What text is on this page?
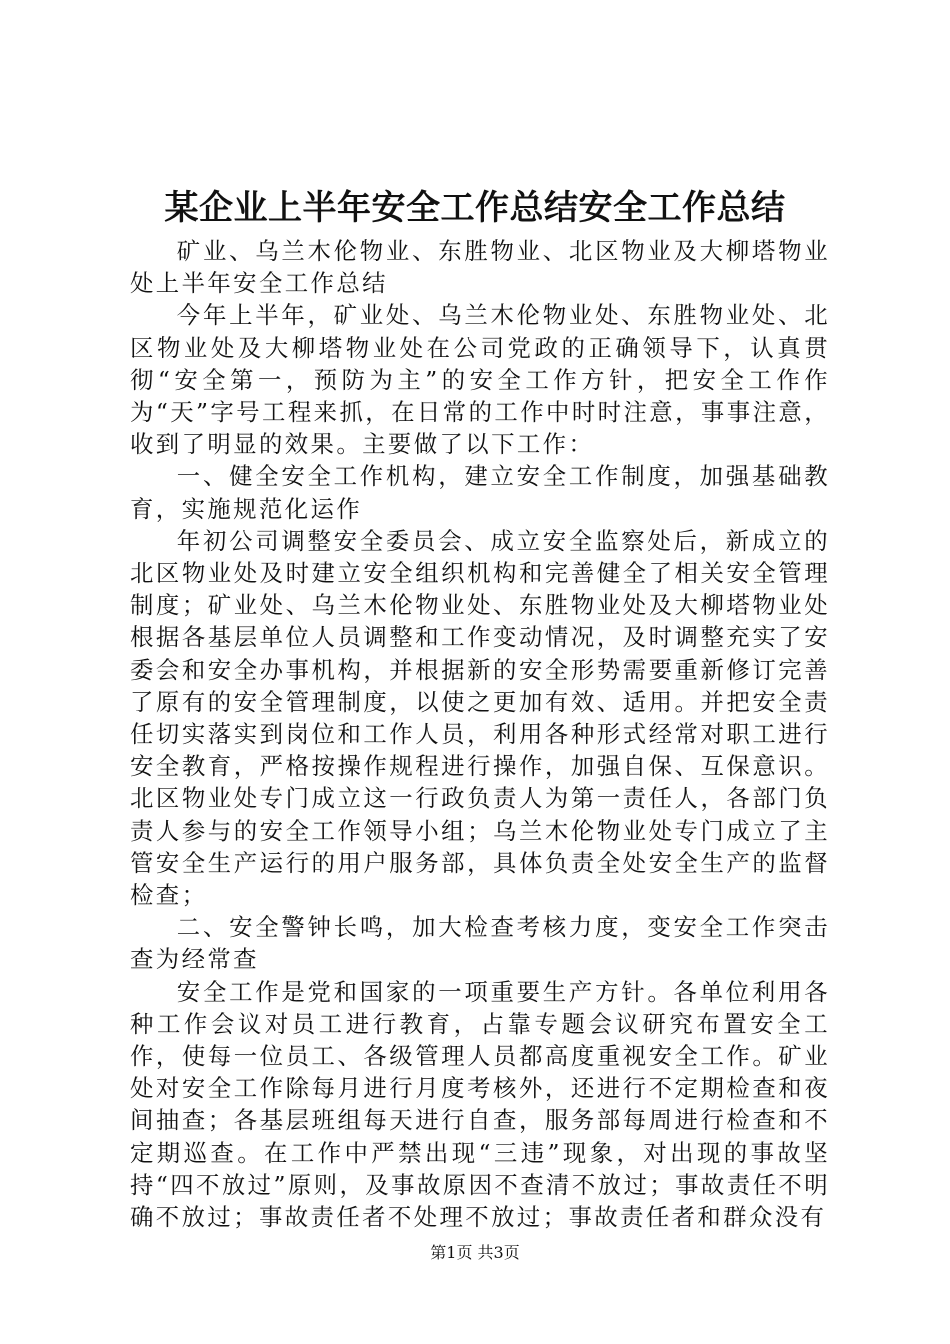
某企业上半年安全工作总结安全工作总结

矿业、乌兰木伦物业、东胜物业、北区物业及大柳塔物业处上半年安全工作总结

今年上半年，矿业处、乌兰木伦物业处、东胜物业处、北区物业处及大柳塔物业处在公司党政的正确领导下，认真贯彻“安全第一，预防为主”的安全工作方针，把安全工作作为“天”字号工程来抓，在日常的工作中时时注意，事事注意，收到了明显的效果。主要做了以下工作：

一、健全安全工作机构，建立安全工作制度，加强基础教育，实施规范化运作

年初公司调整安全委员会、成立安全监察处后，新成立的北区物业处及时建立安全组织机构和完善健全了相关安全管理制度；矿业处、乌兰木伦物业处、东胜物业处及大柳塔物业处根据各基层单位人员调整和工作变动情况，及时调整充实了安委会和安全办事机构，并根据新的安全形势需要重新修订完善了原有的安全管理制度，以使之更加有效、适用。并把安全责任切实落实到岗位和工作人员，利用各种形式经常对职工进行安全教育，严格按操作规程进行操作，加强自保、互保意识。北区物业处专门成立这一行政负责人为第一责任人，各部门负责人参与的安全工作领导小组；乌兰木伦物业处专门成立了主管安全生产运行的用户服务部，具体负责全处安全生产的监督检查；

二、安全警钟长鸣，加大检查考核力度，变安全工作突击查为经常查

安全工作是党和国家的一项重要生产方针。各单位利用各种工作会议对员工进行教育，占靠专题会议研究布置安全工作，使每一位员工、各级管理人员都高度重视安全工作。矿业处对安全工作除每月进行月度考核外，还进行不定期检查和夜间抽查；各基层班组每天进行自查，服务部每周进行检查和不定期巡查。在工作中严禁出现“三违”现象，对出现的事故坚持“四不放过”原则，及事故原因不查清不放过；事故责任不明确不放过；事故责任者不处理不放过；事故责任者和群众没有

第1页 共3页
